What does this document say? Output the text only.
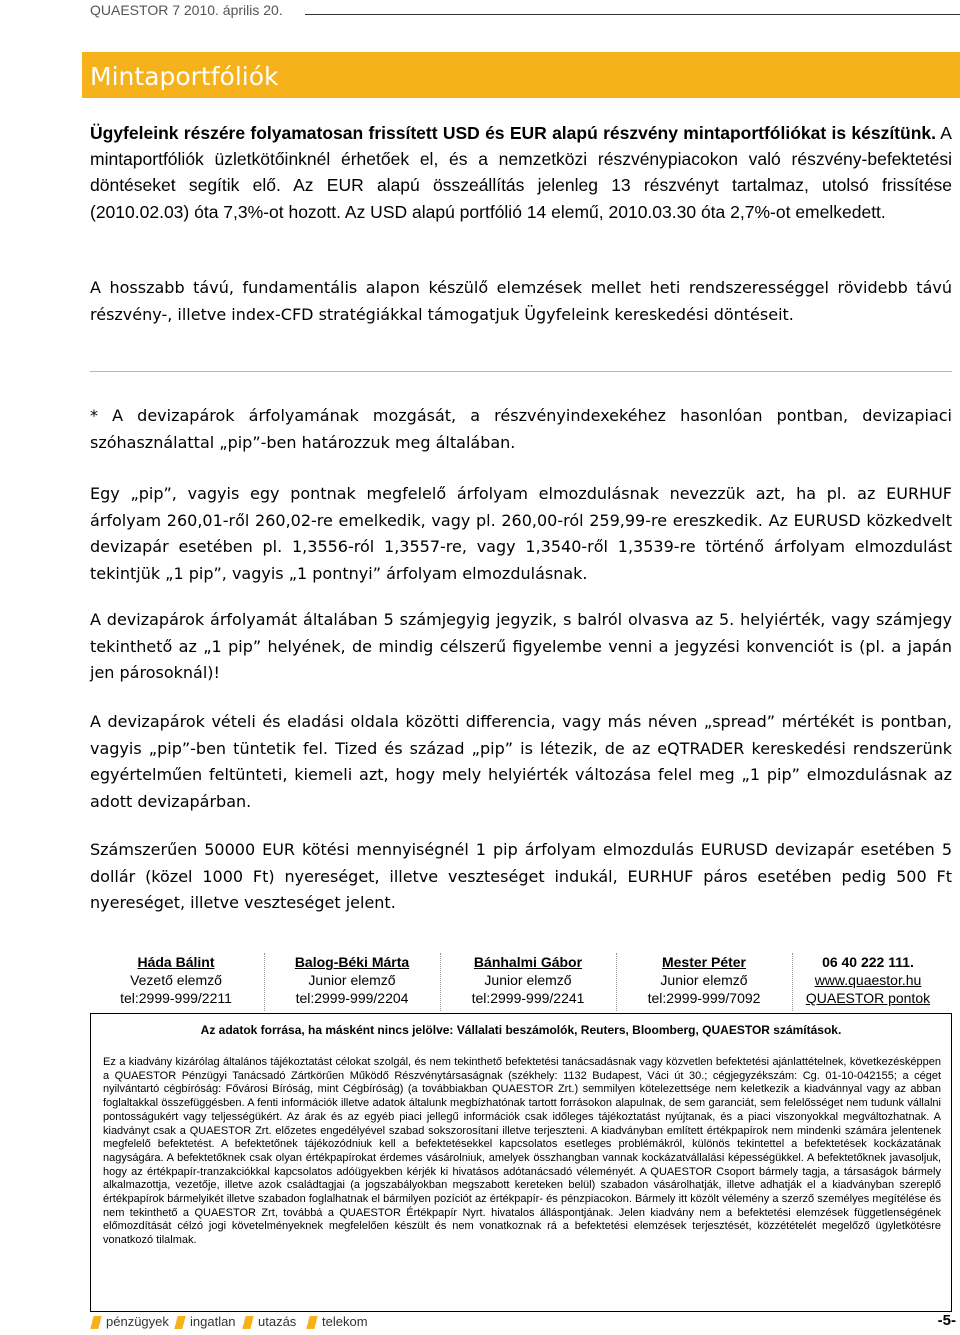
QUAESTOR 7 2010. április 20.
Mintaportfóliók
Ügyfeleink részére folyamatosan frissített USD és EUR alapú részvény mintaportfóliókat is készítünk. A mintaportfóliók üzletkötőinknél érhetőek el, és a nemzetközi részvénypiacokon való részvény-befektetési döntéseket segítik elő. Az EUR alapú összeállítás jelenleg 13 részvényt tartalmaz, utolsó frissítése (2010.02.03) óta 7,3%-ot hozott. Az USD alapú portfólió 14 elemű, 2010.03.30 óta 2,7%-ot emelkedett.
A hosszabb távú, fundamentális alapon készülő elemzések mellet heti rendszerességgel rövidebb távú részvény-, illetve index-CFD stratégiákkal támogatjuk Ügyfeleink kereskedési döntéseit.
* A devizapárok árfolyamának mozgását, a részvényindexekéhez hasonlóan pontban, devizapiaci szóhasználattal „pip”-ben határozzuk meg általában.
Egy „pip”, vagyis egy pontnak megfelelő árfolyam elmozdulásnak nevezzük azt, ha pl. az EURHUF árfolyam 260,01-ről 260,02-re emelkedik, vagy pl. 260,00-ról 259,99-re ereszkedik. Az EURUSD közkedvelt devizapár esetében pl. 1,3556-ról 1,3557-re, vagy 1,3540-ről 1,3539-re történő árfolyam elmozdulást tekintjük „1 pip”, vagyis „1 pontnyi” árfolyam elmozdulásnak.
A devizapárok árfolyamát általában 5 számjegyig jegyzik, s balról olvasva az 5. helyiérték, vagy számjegy tekinthető az „1 pip” helyének, de mindig célszerű figyelembe venni a jegyzési konvenciót is (pl. a japán jen párosoknál)!
A devizapárok vételi és eladási oldala közötti differencia, vagy más néven „spread” mértékét is pontban, vagyis „pip”-ben tüntetik fel. Tized és század „pip” is létezik, de az eQTRADER kereskedési rendszerünk egyértelműen feltünteti, kiemeli azt, hogy mely helyiérték változása felel meg „1 pip” elmozdulásnak az adott devizapárban.
Számszerűen 50000 EUR kötési mennyiségnél 1 pip árfolyam elmozdulás EURUSD devizapár esetében 5 dollár (közel 1000 Ft) nyereséget, illetve veszteséget indukál, EURHUF páros esetében pedig 500 Ft nyereséget, illetve veszteséget jelent.
Háda Bálint
Vezető elemző
tel:2999-999/2211
Balog-Béki Márta
Junior elemző
tel:2999-999/2204
Bánhalmi Gábor
Junior elemző
tel:2999-999/2241
Mester Péter
Junior elemző
tel:2999-999/7092
06 40 222 111.
www.quaestor.hu
QUAESTOR pontok
Az adatok forrása, ha másként nincs jelölve: Vállalati beszámolók, Reuters, Bloomberg, QUAESTOR számítások.
Ez a kiadvány kizárólag általános tájékoztatást célokat szolgál, és nem tekinthető befektetési tanácsadásnak vagy közvetlen befektetési ajánlattételnek, következésképpen a QUAESTOR Pénzügyi Tanácsadó Zártkörűen Működő Részvénytársaságnak (székhely: 1132 Budapest, Váci út 30.; cégjegyzékszám: Cg. 01-10-042155; a céget nyilvántartó cégbíróság: Fővárosi Bíróság, mint Cégbíróság) (a továbbiakban QUAESTOR Zrt.) semmilyen kötelezettsége nem keletkezik a kiadvánnyal vagy az abban foglaltakkal összefüggésben. A fenti információk illetve adatok általunk megbízhatónak tartott forrásokon alapulnak, de sem garanciát, sem felelősséget nem tudunk vállalni pontosságukért vagy teljességükért. Az árak és az egyéb piaci jellegű információk csak időleges tájékoztatást nyújtanak, és a piaci viszonyokkal megváltozhatnak. A kiadványt csak a QUAESTOR Zrt. előzetes engedélyével szabad sokszorosítani illetve terjeszteni. A kiadványban említett értékpapírok nem mindenki számára jelentenek megfelelő befektetést. A befektetőnek tájékozódniuk kell a befektetésekkel kapcsolatos esetleges problémákról, különös tekintettel a befektetések kockázatának nagyságára. A befektetőknek csak olyan értékpapírokat érdemes vásárolniuk, amelyek összhangban vannak kockázatvállalási képességükkel. A befektetőknek javasoljuk, hogy az értékpapír-tranzakciókkal kapcsolatos adóügyekben kérjék ki hivatásos adótanácsadó véleményét. A QUAESTOR Csoport bármely tagja, a társaságok bármely alkalmazottja, vezetője, illetve azok családtagjai (a jogszabályokban megszabott kereteken belül) szabadon vásárolhatják, illetve adhatják el a kiadványban szereplő értékpapírok bármelyikét illetve szabadon foglalhatnak el bármilyen pozíciót az értékpapír- és pénzpiacokon. Bármely itt közölt vélemény a szerző személyes megítélése és nem tekinthető a QUAESTOR Zrt, továbbá a QUAESTOR Értékpapír Nyrt. hivatalos álláspontjának. Jelen kiadvány nem a befektetési elemzések függetlenségének előmozdítását célzó jogi követelményeknek megfelelően készült és nem vonatkoznak rá a befektetési elemzések terjesztését, közzétételét megelőző ügyletkötésre vonatkozó tilalmak.
pénzügyek ingatlan utazás telekom	-5-
